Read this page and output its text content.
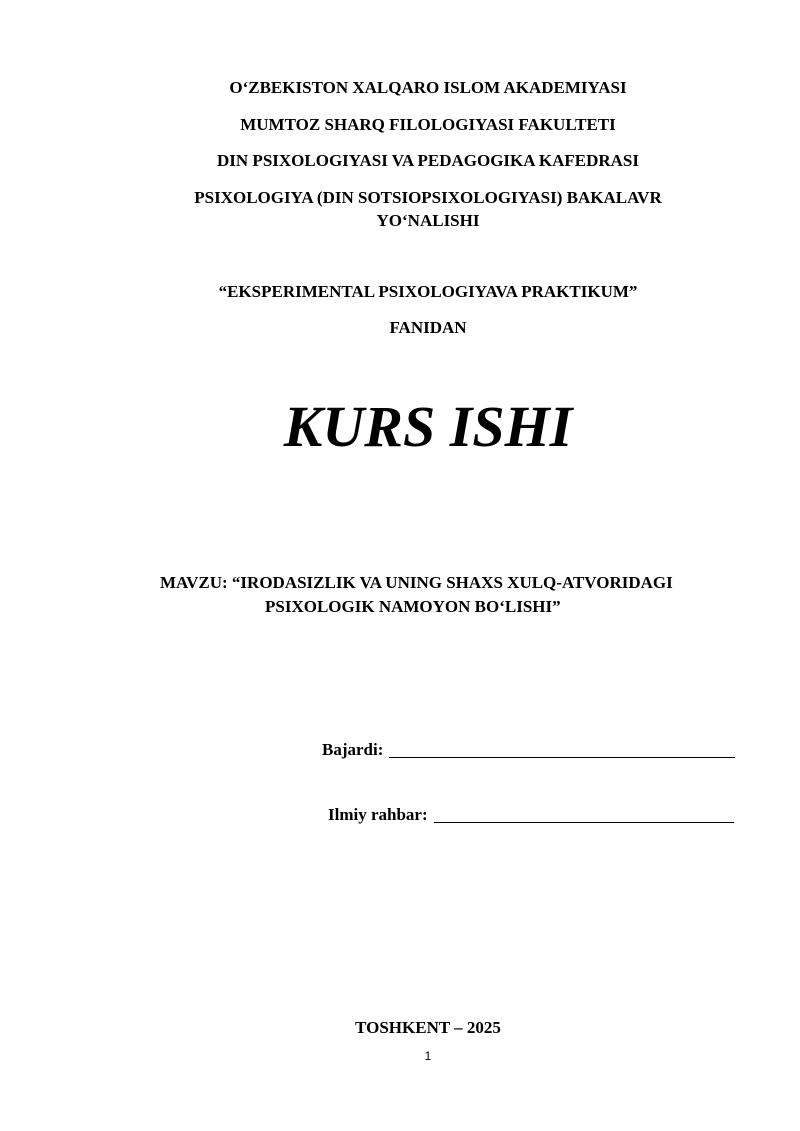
O‘ZBEKISTON XALQARO ISLOM AKADEMIYASI
MUMTOZ SHARQ FILOLOGIYASI FAKULTETI
DIN PSIXOLOGIYASI VA PEDAGOGIKA KAFEDRASI
PSIXOLOGIYA (DIN SOTSIOPSIXOLOGIYASI) BAKALAVR
YO‘NALISHI
“EKSPERIMENTAL PSIXOLOGIYAVA PRAKTIKUM”
FANIDAN
KURS ISHI
MAVZU: “IRODASIZLIK VA UNING SHAXS XULQ-ATVORIDAGI
PSIXOLOGIK NAMOYON BO‘LISHI”
Bajardi:
Ilmiy rahbar:
TOSHKENT – 2025
1
